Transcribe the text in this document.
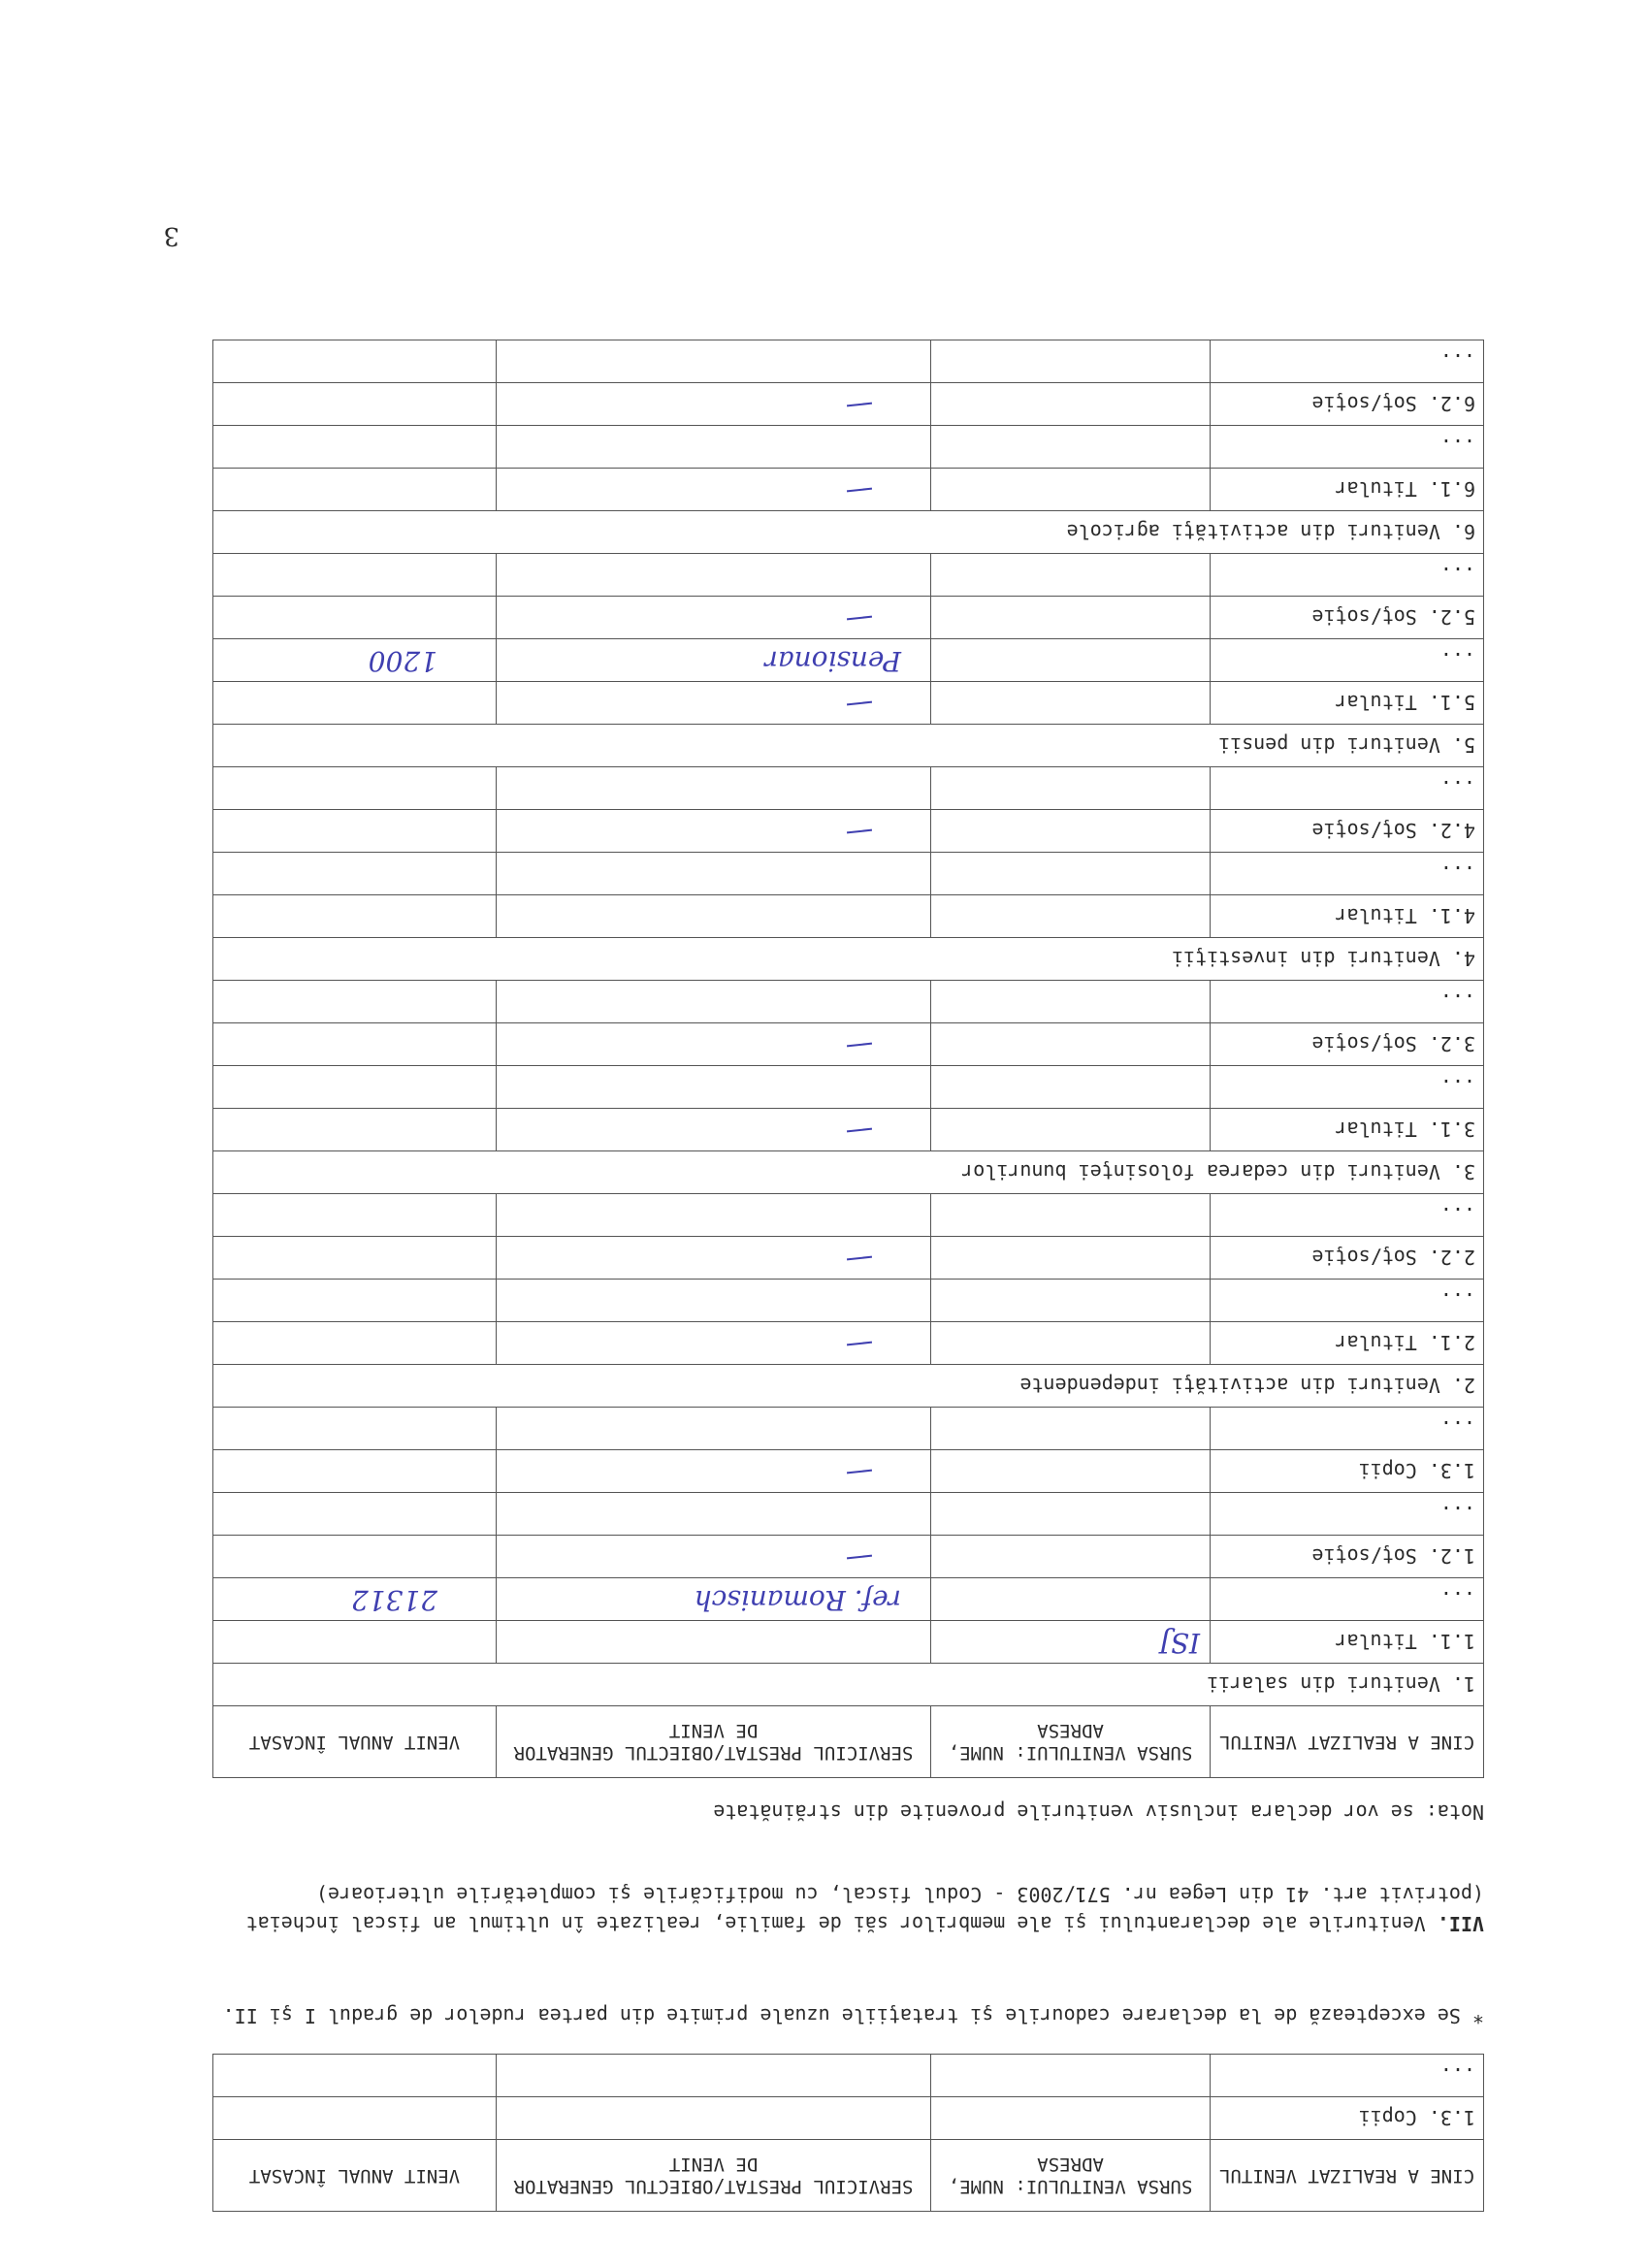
3
CINE A REALIZAT VENITUL	SURSA VENITULUI: NUME, ADRESA	SERVICIUL PRESTAT/OBIECTUL GENERATOR DE VENIT	VENIT ANUAL ÎNCASAT
1.3. Copii			
...			
* Se exceptează de la declarare cadourile şi trataţiile uzuale primite din partea rudelor de gradul I şi II.
VII. Veniturile ale declarantului şi ale membrilor săi de familie, realizate în ultimul an fiscal încheiat (potrivit art. 41 din Legea nr. 571/2003 - Codul fiscal, cu modificările şi completările ulterioare)
Nota: se vor declara inclusiv veniturile provenite din străinătate
CINE A REALIZAT VENITUL	SURSA VENITULUI: NUME, ADRESA	SERVICIUL PRESTAT/OBIECTUL GENERATOR DE VENIT	VENIT ANUAL ÎNCASAT
1. Venituri din salarii			
1.1. Titular	ISJ		

...		ref. Romanisch	21312

1.2. Soţ/soţie		

...			
1.3. Copii		

...			
2. Venituri din activităţi independente			
2.1. Titular		

...			
2.2. Soţ/soţie		

...			
3. Venituri din cedarea folosinţei bunurilor			
3.1. Titular		

...			
3.2. Soţ/soţie		

...			
4. Venituri din investiţii			
4.1. Titular			
...			
4.2. Soţ/soţie		

...			
5. Venituri din pensii			
5.1. Titular		

...		Pensionar	1200

5.2. Soţ/soţie		

...			
6. Venituri din activităţi agricole			
6.1. Titular		

...			
6.2. Soţ/soţie		

...			
